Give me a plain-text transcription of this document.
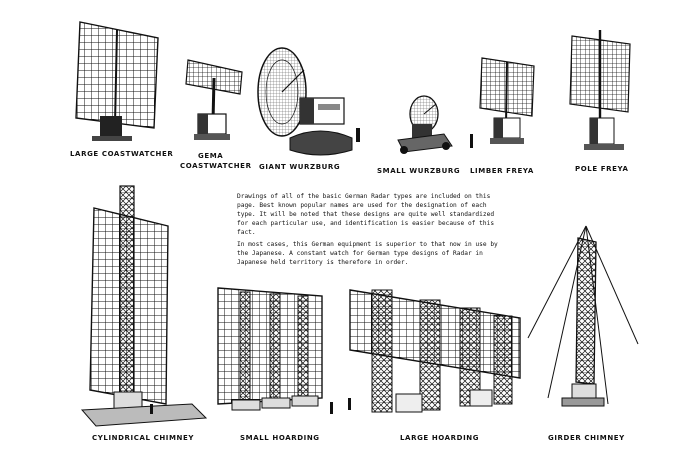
LARGE COASTWATCHER	GEMA
COASTWATCHER GIANT WURZBURG	SMALL WURZBURG LIMBER FREYA	POLE FREYA
CYLINDRICAL CHIMNEY	SMALL HOARDING	LARGE HOARDING	GIRDER CHIMNEY

Drawings of all of the basic German Radar types are included on this page. Best known popular names are used for the designation of each type. It will be noted that these designs are quite well standardized for each particular use, and identification is easier because of this fact.

In most cases, this German equipment is superior to that now in use by the Japanese. A constant watch for German type designs of Radar in Japanese held territory is therefore in order.
